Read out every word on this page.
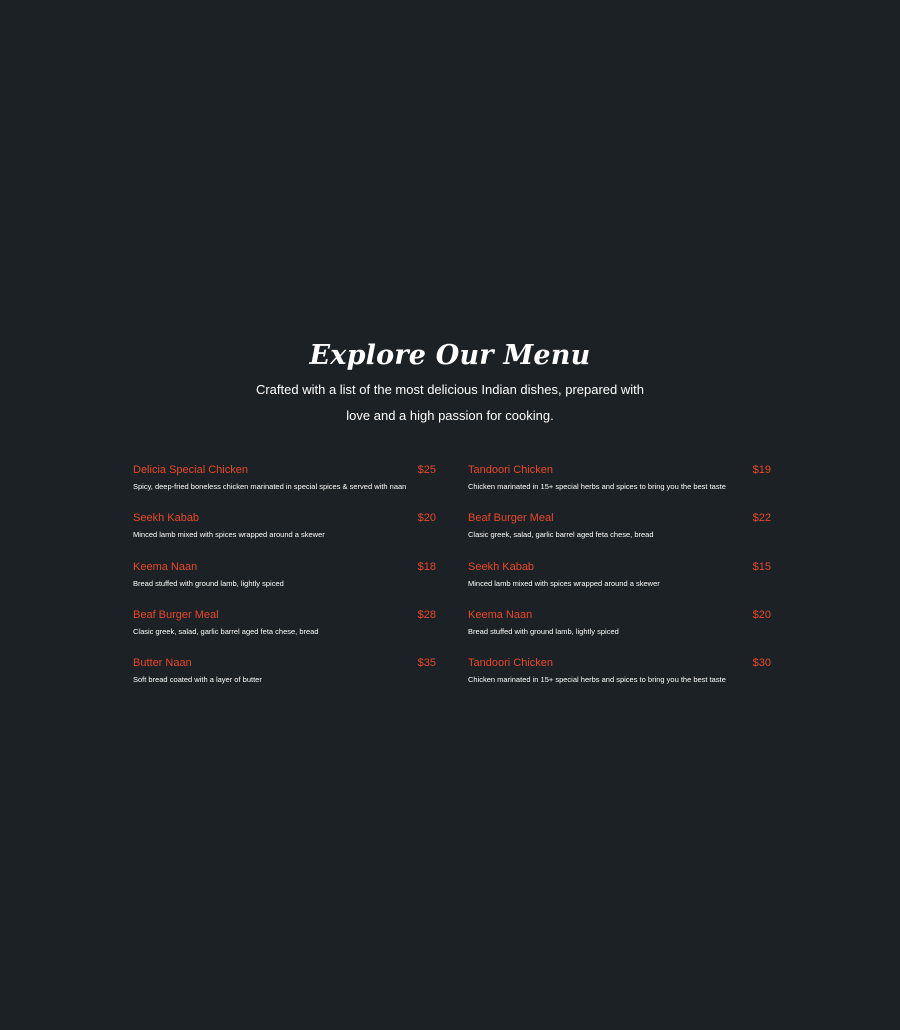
Explore Our Menu

Crafted with a list of the most delicious Indian dishes, prepared with love and a high passion for cooking.

Delicia Special Chicken	$25
Spicy, deep-fried boneless chicken marinated in special spices & served with naan
Seekh Kabab	$20
Minced lamb mixed with spices wrapped around a skewer
Keema Naan	$18
Bread stuffed with ground lamb, lightly spiced
Beaf Burger Meal	$28
Clasic greek, salad, garlic barrel aged feta chese, bread
Butter Naan	$35
Soft bread coated with a layer of butter
Tandoori Chicken	$19
Chicken marinated in 15+ special herbs and spices to bring you the best taste
Beaf Burger Meal	$22
Clasic greek, salad, garlic barrel aged feta chese, bread
Seekh Kabab	$15
Minced lamb mixed with spices wrapped around a skewer
Keema Naan	$20
Bread stuffed with ground lamb, lightly spiced
Tandoori Chicken	$30
Chicken marinated in 15+ special herbs and spices to bring you the best taste
